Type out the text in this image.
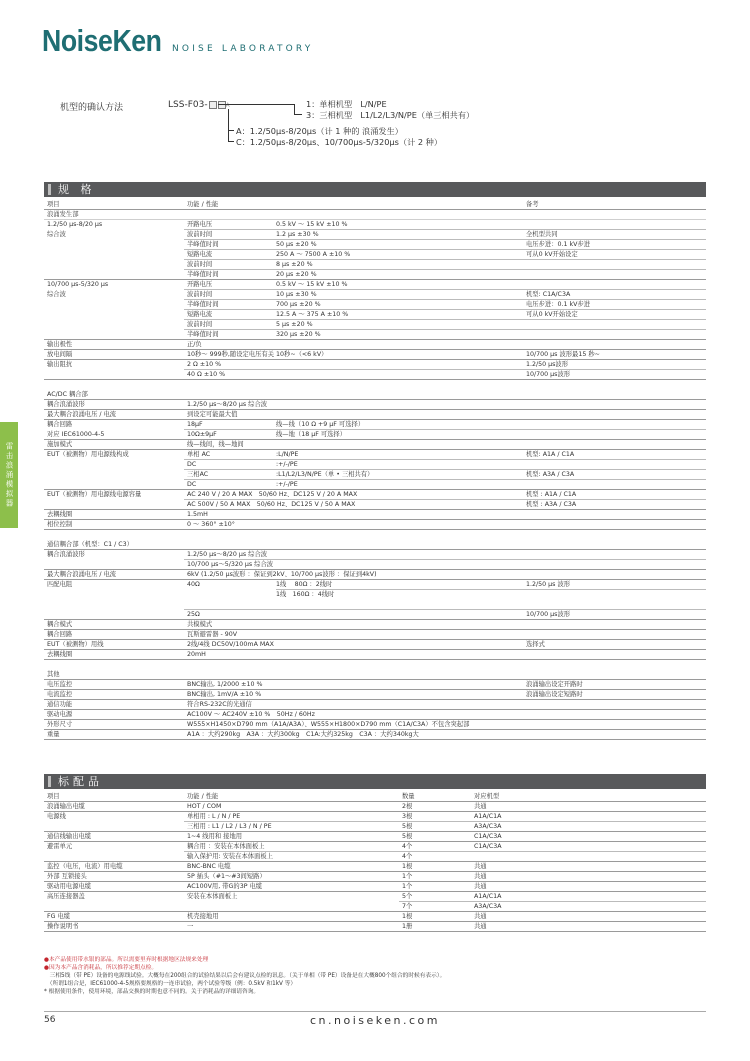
NoiseKen NOISE LABORATORY
机型的确认方法	LSS-F03-	A	1：单相机型　L/N/PE
3：三相机型　L1/L2/L3/N/PE（单三相共有）
A：1.2/50μs-8/20μs（计 1 种的 浪涌发生）
C：1.2/50μs-8/20μs、10/700μs-5/320μs（计 2 种）
规 格
项目	功能 / 性能	备考
浪涌发生部
1.2/50 μs-8/20 μs	开路电压	0.5 kV 〜 15 kV ±10 %
综合波	波前时间	1.2 μs ±30 %	全机型共同
半峰值时间	50 μs ±20 %	电压步进：0.1 kV步进
短路电流	250 A 〜 7500 A ±10 %	可从0 kV开始设定
波前时间	8 μs ±20 %
半峰值时间	20 μs ±20 %
10/700 μs-5/320 μs	开路电压	0.5 kV 〜 15 kV ±10 %
综合波	波前时间	10 μs ±30 %	机型: C1A/C3A
半峰值时间	700 μs ±20 %	电压步进：0.1 kV步进
短路电流	12.5 A 〜 375 A ±10 %	可从0 kV开始设定
波前时间	5 μs ±20 %
半峰值时间	320 μs ±20 %
输出极性	正/负
放电间隔	10秒〜 999秒,随设定电压有关 10秒~（<6 kV）	10/700 μs 波形最15 秒~
输出阻抗	2 Ω ±10 %	1.2/50 μs波形
40 Ω ±10 %	10/700 μs波形
AC/DC 耦合部
耦合浪涌波形	1.2/50 μs〜8/20 μs 综合波
最大耦合浪涌电压 / 电流	到设定可能最大值
耦合回路	18μF	线—线（10 Ω +9 μF 可选择）
对应 IEC61000-4-5	10Ω±9μF	线—地（18 μF 可选择）
施加模式	线—线间，线—地间
EUT（被测物）用电源线构成	单相 AC	:L/N/PE	机型: A1A / C1A
DC	:+/-/PE
三相AC	:L1/L2/L3/N/PE（单 • 三相共有）	机型: A3A / C3A
DC	:+/-/PE
EUT（被测物）用电源线电源容量	AC 240 V / 20 A MAX　50/60 Hz、DC125 V / 20 A MAX	机型 : A1A / C1A
AC 500V / 50 A MAX　50/60 Hz、DC125 V / 50 A MAX	机型 : A3A / C3A
去耦线圈	1.5mH
相位控制	0 〜 360° ±10°
通信耦合部（机型：C1 / C3）
耦合浪涌波形	1.2/50 μs〜8/20 μs 综合波
10/700 μs〜5/320 μs 综合波
最大耦合浪涌电压 / 电流	6kV (1.2/50 μs波形 ：保证到2kV、10/700 μs波形 ：保证到4kV)
匹配电阻	40Ω	1线　 80Ω ：2线时	1.2/50 μs 波形
1线　160Ω ：4线时
25Ω	10/700 μs波形
耦合模式	共模模式
耦合回路	瓦斯避雷器 - 90V
EUT（被测物）用线	2线/4线 DC50V/100mA MAX	选择式
去耦线圈	20mH
其他
电压监控	BNC输出, 1/2000 ±10 %	浪涌输出设定开路时
电流监控	BNC输出, 1mV/A ±10 %	浪涌输出设定短路时
通信功能	符合RS-232C的光通信
驱动电源	AC100V 〜 AC240V ±10 %　50Hz / 60Hz
外形尺寸	W555×H1450×D790 mm（A1A/A3A）、W555×H1800×D790 mm（C1A/C3A）不包含突起部
重量	A1A ：大约290kg　A3A ：大约300kg　C1A:大约325kg　C3A ：大约340kg大
雷击浪涌模拟器
标配品
项目	功能 / 性能	数量	对应机型
浪涌输出电缆	HOT / COM	2根	共通
电源线	单相用 : L / N / PE	3根	A1A/C1A
三相用 : L1 / L2 / L3 / N / PE	5根	A3A/C3A
通信线输出电缆	1~4 线用和 接地用	5根	C1A/C3A
避雷单元	耦合用 ：安装在本体面板上	4个	C1A/C3A
输入保护用: 安装在本体面板上	4个
监控（电压，电流）用电缆	BNC-BNC 电缆	1根	共通
外部 互锁接头	5P 插头（#1〜#3间短路）	1个	共通
驱动用电源电缆	AC100V用, 带G的3P 电缆	1个	共通
高压连接器盖	安装在本体面板上	5个	A1A/C1A
7个	A3A/C3A
FG 电缆	机壳接地用	1根	共通
操作说明书	一	1册	共通
●本产品使用带水银的部品。所以需要里弃时根据地区法规来处理
●因为本产品含消耗品，所以推荐定期点检。
　三相5线（带 PE）设备的电源线试验。大概每在200组合的试验结果以后会有建议点检的讯息。（关于单相（带 PE）设备是在大概800个组合的时候有表示）。
　（所谓1组合是，IEC61000-4-5规格要规格的一连串试验，两个试验等级（例：0.5kV 和1kV 等）
* 根据使用条件，使用环境，部品交换的时期也意不同的。关于消耗品的详细请咨询。
56	cn.noiseken.com
